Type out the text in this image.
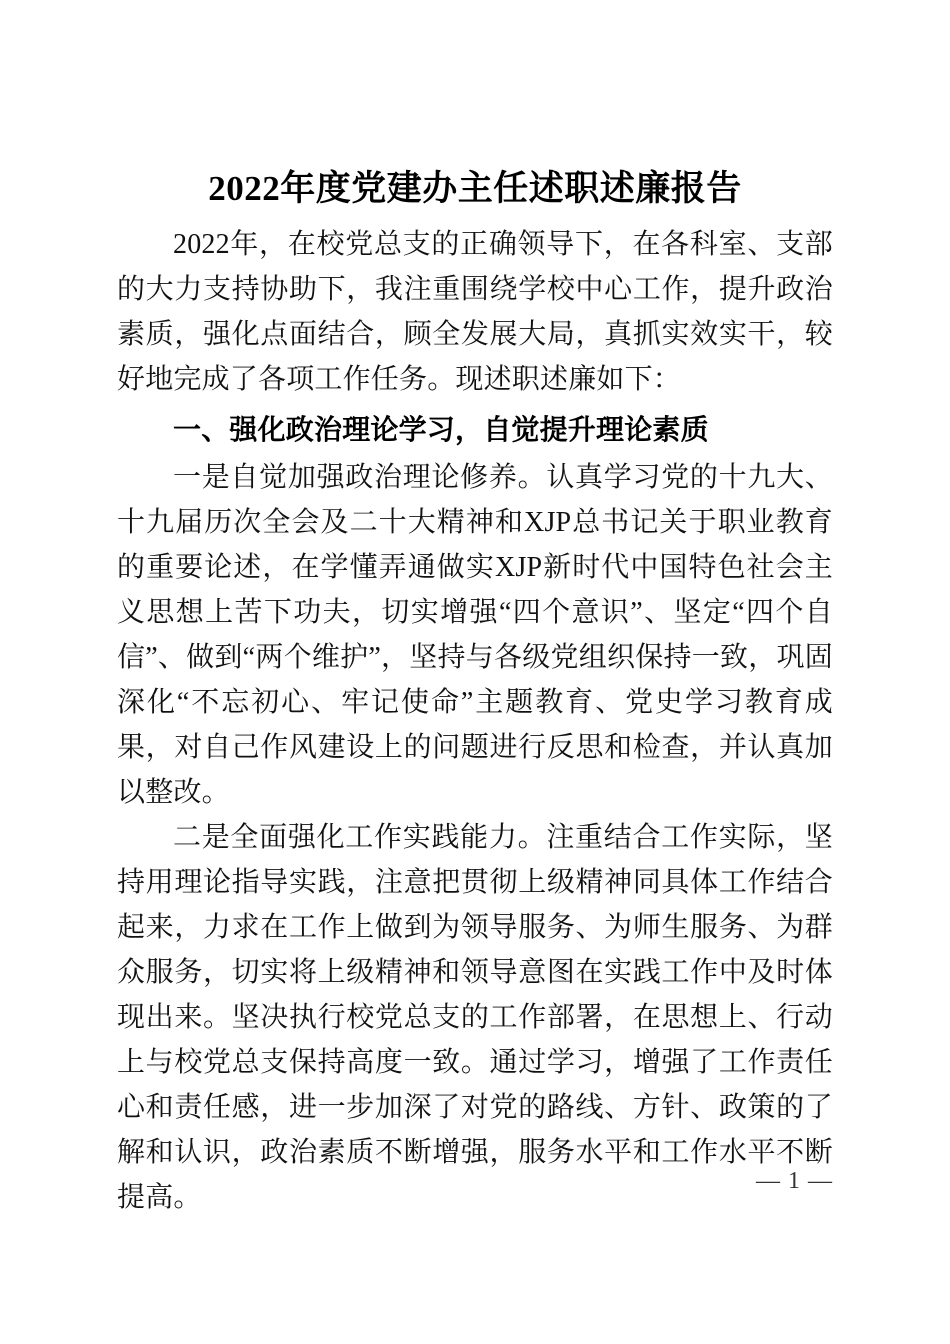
2022年度党建办主任述职述廉报告

2022年，在校党总支的正确领导下，在各科室、支部的大力支持协助下，我注重围绕学校中心工作，提升政治素质，强化点面结合，顾全发展大局，真抓实效实干，较好地完成了各项工作任务。现述职述廉如下：

一、强化政治理论学习，自觉提升理论素质

一是自觉加强政治理论修养。认真学习党的十九大、十九届历次全会及二十大精神和XJP总书记关于职业教育的重要论述，在学懂弄通做实XJP新时代中国特色社会主义思想上苦下功夫，切实增强“四个意识”、坚定“四个自信”、做到“两个维护”，坚持与各级党组织保持一致，巩固深化“不忘初心、牢记使命”主题教育、党史学习教育成果，对自己作风建设上的问题进行反思和检查，并认真加以整改。

二是全面强化工作实践能力。注重结合工作实际，坚持用理论指导实践，注意把贯彻上级精神同具体工作结合起来，力求在工作上做到为领导服务、为师生服务、为群众服务，切实将上级精神和领导意图在实践工作中及时体现出来。坚决执行校党总支的工作部署，在思想上、行动上与校党总支保持高度一致。通过学习，增强了工作责任心和责任感，进一步加深了对党的路线、方针、政策的了解和认识，政治素质不断增强，服务水平和工作水平不断提高。

— 1 —
